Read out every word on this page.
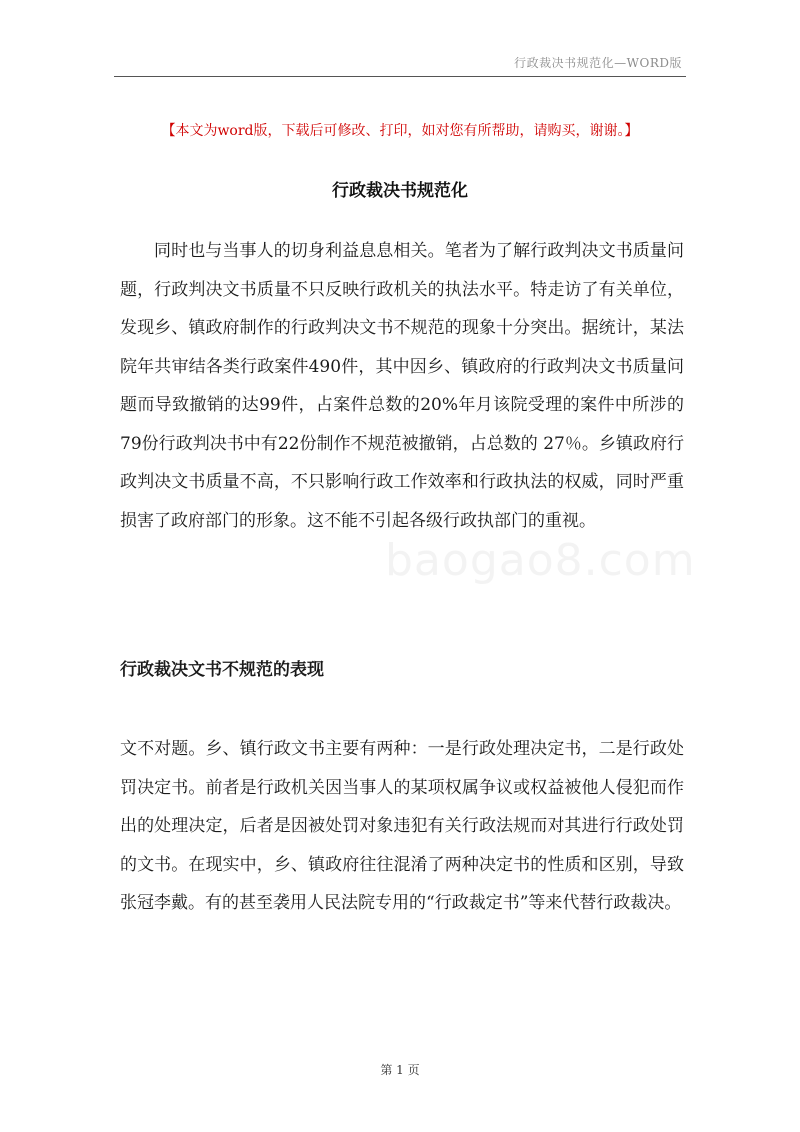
行政裁决书规范化—WORD版
【本文为word版，下载后可修改、打印，如对您有所帮助，请购买，谢谢。】
行政裁决书规范化

同时也与当事人的切身利益息息相关。笔者为了解行政判决文书质量问题，行政判决文书质量不只反映行政机关的执法水平。特走访了有关单位，发现乡、镇政府制作的行政判决文书不规范的现象十分突出。据统计，某法院年共审结各类行政案件490件，其中因乡、镇政府的行政判决文书质量问题而导致撤销的达99件，占案件总数的20%年月该院受理的案件中所涉的79份行政判决书中有22份制作不规范被撤销，占总数的 27％。乡镇政府行政判决文书质量不高，不只影响行政工作效率和行政执法的权威，同时严重损害了政府部门的形象。这不能不引起各级行政执部门的重视。

baogao8.com
行政裁决文书不规范的表现

文不对题。乡、镇行政文书主要有两种：一是行政处理决定书，二是行政处罚决定书。前者是行政机关因当事人的某项权属争议或权益被他人侵犯而作出的处理决定，后者是因被处罚对象违犯有关行政法规而对其进行行政处罚的文书。在现实中，乡、镇政府往往混淆了两种决定书的性质和区别，导致张冠李戴。有的甚至袭用人民法院专用的“行政裁定书”等来代替行政裁决。

第 1 页
